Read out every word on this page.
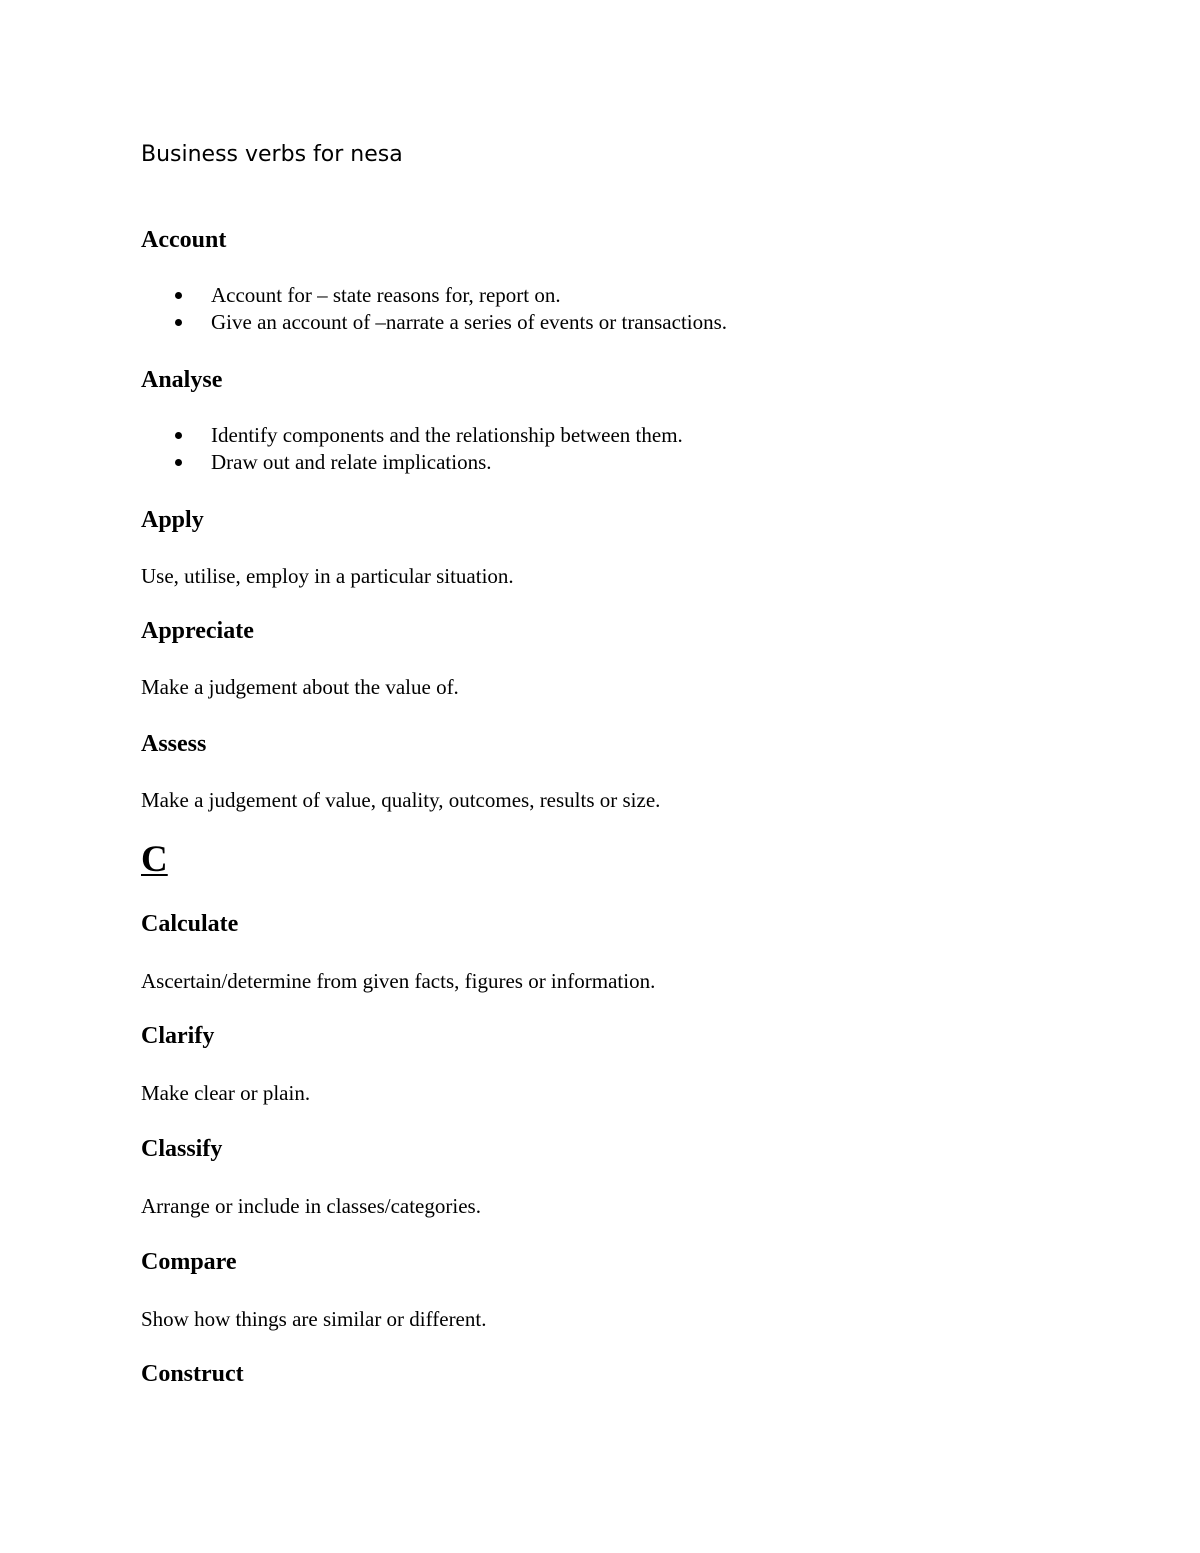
Business verbs for nesa
Account
Account for – state reasons for, report on.
Give an account of –narrate a series of events or transactions.
Analyse
Identify components and the relationship between them.
Draw out and relate implications.
Apply
Use, utilise, employ in a particular situation.
Appreciate
Make a judgement about the value of.
Assess
Make a judgement of value, quality, outcomes, results or size.
C
Calculate
Ascertain/determine from given facts, figures or information.
Clarify
Make clear or plain.
Classify
Arrange or include in classes/categories.
Compare
Show how things are similar or different.
Construct
